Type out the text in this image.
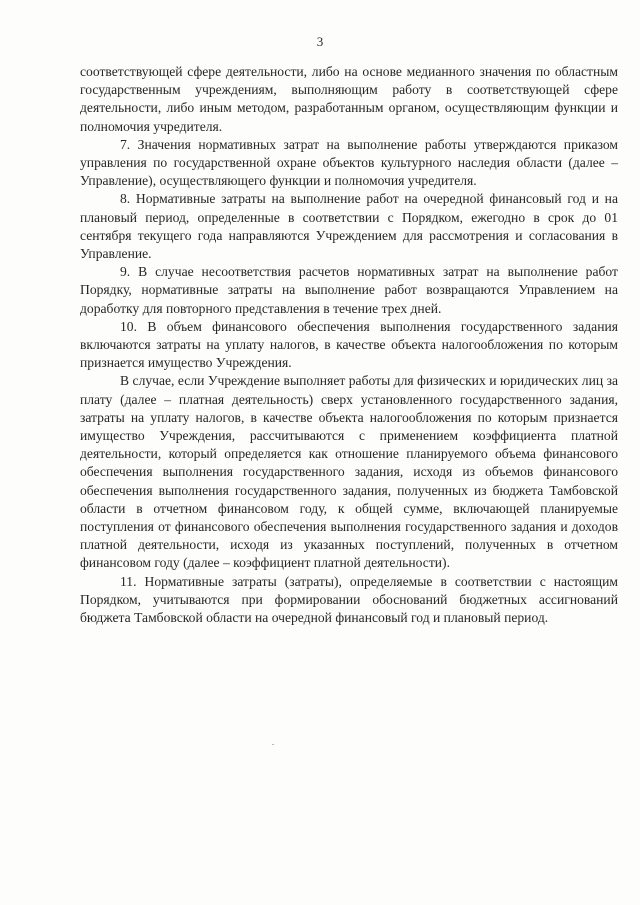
3

соответствующей сфере деятельности, либо на основе медианного значения по областным государственным учреждениям, выполняющим работу в соответствующей сфере деятельности, либо иным методом, разработанным органом, осуществляющим функции и полномочия учредителя.

7. Значения нормативных затрат на выполнение работы утверждаются приказом управления по государственной охране объектов культурного наследия области (далее – Управление), осуществляющего функции и полномочия учредителя.

8. Нормативные затраты на выполнение работ на очередной финансовый год и на плановый период, определенные в соответствии с Порядком, ежегодно в срок до 01 сентября текущего года направляются Учреждением для рассмотрения и согласования в Управление.

9. В случае несоответствия расчетов нормативных затрат на выполнение работ Порядку, нормативные затраты на выполнение работ возвращаются Управлением на доработку для повторного представления в течение трех дней.

10. В объем финансового обеспечения выполнения государственного задания включаются затраты на уплату налогов, в качестве объекта налогообложения по которым признается имущество Учреждения.

В случае, если Учреждение выполняет работы для физических и юридических лиц за плату (далее – платная деятельность) сверх установленного государственного задания, затраты на уплату налогов, в качестве объекта налогообложения по которым признается имущество Учреждения, рассчитываются с применением коэффициента платной деятельности, который определяется как отношение планируемого объема финансового обеспечения выполнения государственного задания, исходя из объемов финансового обеспечения выполнения государственного задания, полученных из бюджета Тамбовской области в отчетном финансовом году, к общей сумме, включающей планируемые поступления от финансового обеспечения выполнения государственного задания и доходов платной деятельности, исходя из указанных поступлений, полученных в отчетном финансовом году (далее – коэффициент платной деятельности).

11. Нормативные затраты (затраты), определяемые в соответствии с настоящим Порядком, учитываются при формировании обоснований бюджетных ассигнований бюджета Тамбовской области на очередной финансовый год и плановый период.
